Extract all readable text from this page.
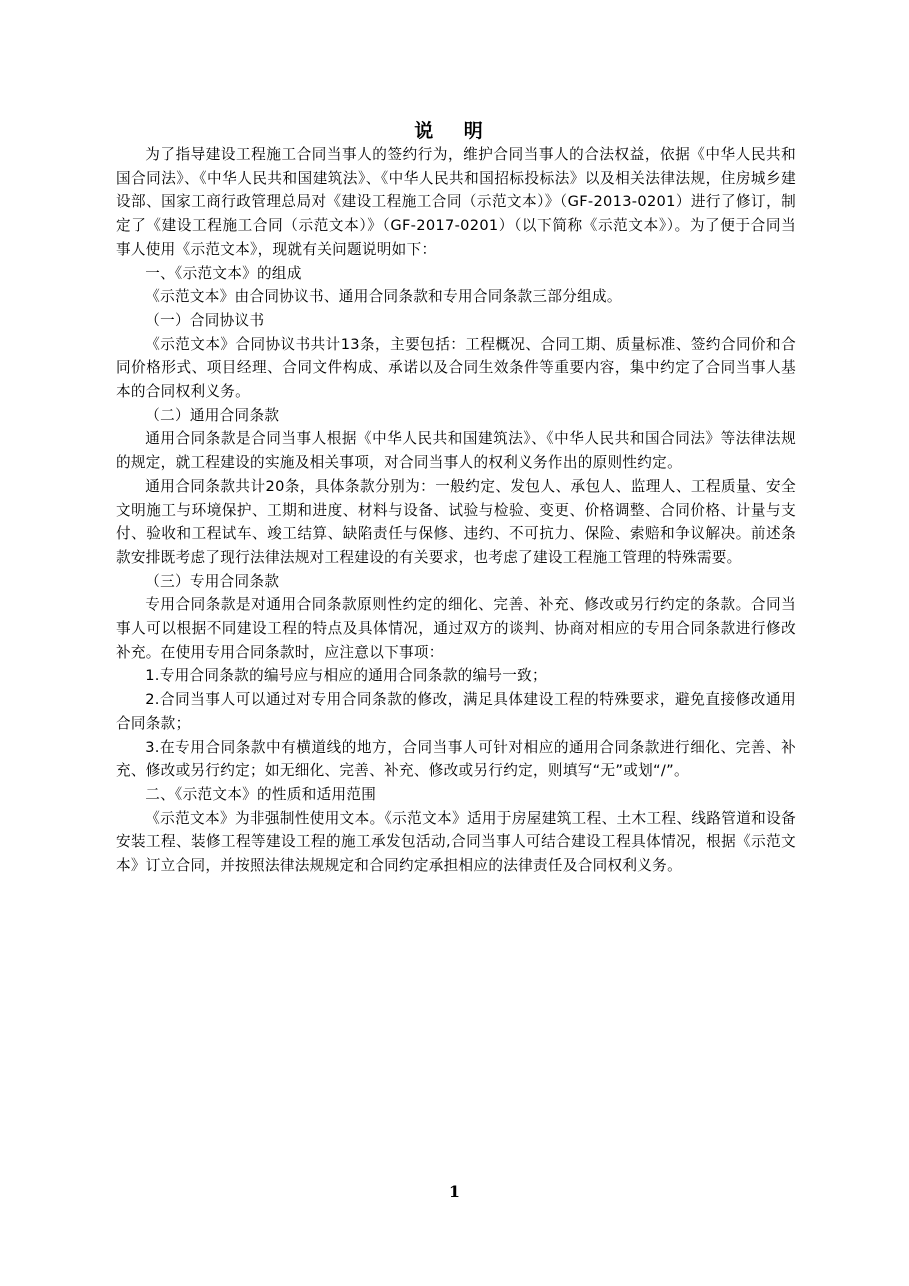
说 明

为了指导建设工程施工合同当事人的签约行为，维护合同当事人的合法权益，依据《中华人民共和国合同法》、《中华人民共和国建筑法》、《中华人民共和国招标投标法》以及相关法律法规，住房城乡建设部、国家工商行政管理总局对《建设工程施工合同（示范文本）》（GF-2013-0201）进行了修订，制定了《建设工程施工合同（示范文本）》（GF-2017-0201）（以下简称《示范文本》）。为了便于合同当事人使用《示范文本》，现就有关问题说明如下：

一、《示范文本》的组成

《示范文本》由合同协议书、通用合同条款和专用合同条款三部分组成。

（一）合同协议书

《示范文本》合同协议书共计13条，主要包括：工程概况、合同工期、质量标准、签约合同价和合同价格形式、项目经理、合同文件构成、承诺以及合同生效条件等重要内容，集中约定了合同当事人基本的合同权利义务。

（二）通用合同条款

通用合同条款是合同当事人根据《中华人民共和国建筑法》、《中华人民共和国合同法》等法律法规的规定，就工程建设的实施及相关事项，对合同当事人的权利义务作出的原则性约定。

通用合同条款共计20条，具体条款分别为：一般约定、发包人、承包人、监理人、工程质量、安全文明施工与环境保护、工期和进度、材料与设备、试验与检验、变更、价格调整、合同价格、计量与支付、验收和工程试车、竣工结算、缺陷责任与保修、违约、不可抗力、保险、索赔和争议解决。前述条款安排既考虑了现行法律法规对工程建设的有关要求，也考虑了建设工程施工管理的特殊需要。

（三）专用合同条款

专用合同条款是对通用合同条款原则性约定的细化、完善、补充、修改或另行约定的条款。合同当事人可以根据不同建设工程的特点及具体情况，通过双方的谈判、协商对相应的专用合同条款进行修改补充。在使用专用合同条款时，应注意以下事项：

1.专用合同条款的编号应与相应的通用合同条款的编号一致；

2.合同当事人可以通过对专用合同条款的修改，满足具体建设工程的特殊要求，避免直接修改通用合同条款；

3.在专用合同条款中有横道线的地方，合同当事人可针对相应的通用合同条款进行细化、完善、补充、修改或另行约定；如无细化、完善、补充、修改或另行约定，则填写“无”或划“/”。

二、《示范文本》的性质和适用范围

《示范文本》为非强制性使用文本。《示范文本》适用于房屋建筑工程、土木工程、线路管道和设备安装工程、装修工程等建设工程的施工承发包活动,合同当事人可结合建设工程具体情况，根据《示范文本》订立合同，并按照法律法规规定和合同约定承担相应的法律责任及合同权利义务。

1
